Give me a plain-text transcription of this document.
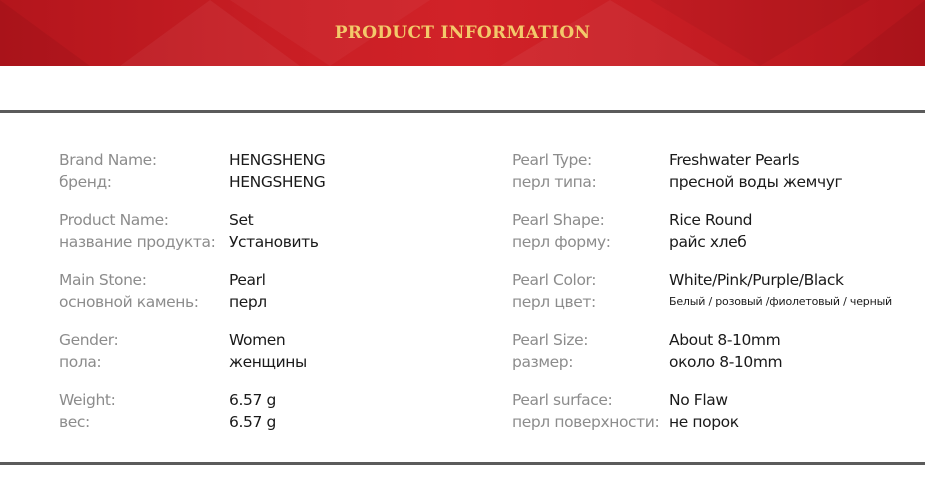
PRODUCT INFORMATION
Brand Name:
бренд:
HENGSHENG
HENGSHENG
Product Name:
название продукта:
Set
Установить
Main Stone:
основной камень:
Pearl
перл
Gender:
пола:
Women
женщины
Weight:
вес:
6.57 g
6.57 g
Pearl Type:
перл типа:
Freshwater Pearls
пресной воды жемчуг
Pearl Shape:
перл форму:
Rice Round
райс хлеб
Pearl Color:
перл цвет:
White/Pink/Purple/Black
Белый / розовый /фиолетовый / черный
Pearl Size:
размер:
About 8-10mm
около 8-10mm
Pearl surface:
перл поверхности:
No Flaw
не порок
